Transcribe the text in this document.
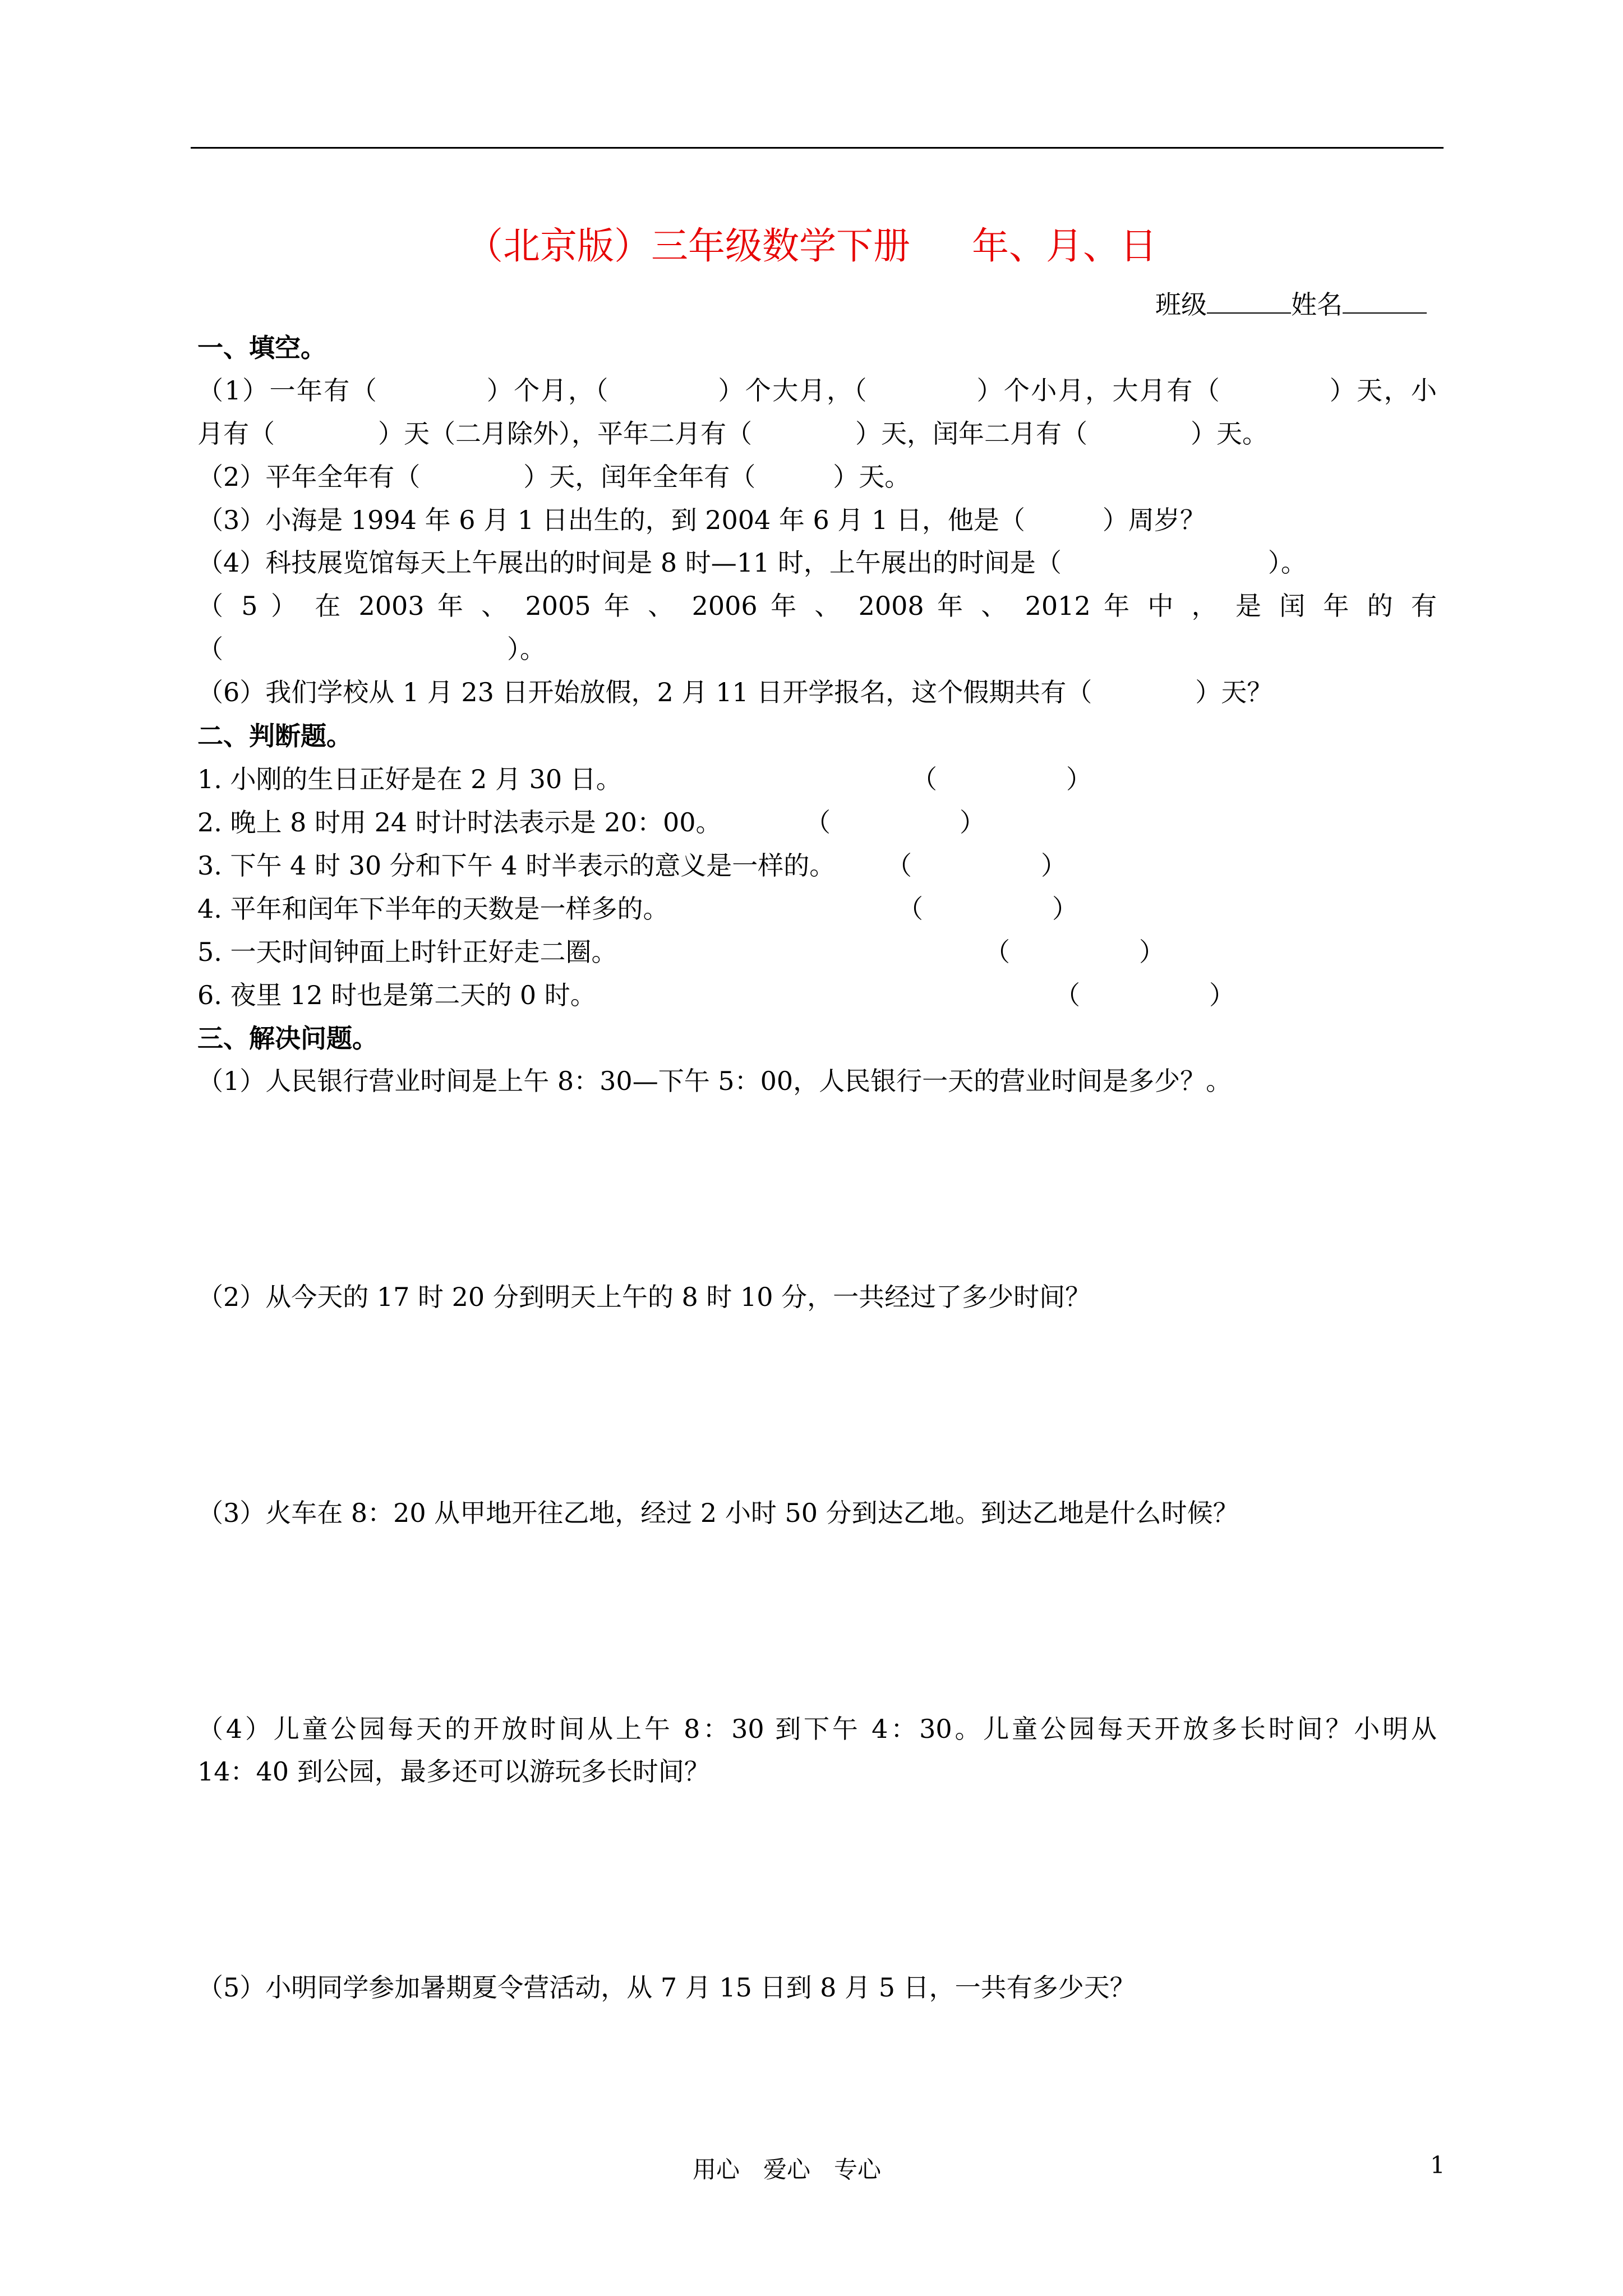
（北京版）三年级数学下册 年、月、日
班级	姓名
一、填空。
（1）一年有（　　　　）个月，（　　　　）个大月，（　　　　）个小月，大月有（　　　　）天，小
月有（　　　　）天（二月除外），平年二月有（　　　　）天，闰年二月有（　　　　）天。
（2）平年全年有（　　　　）天，闰年全年有（　　　）天。
（3）小海是 1994 年 6 月 1 日出生的，到 2004 年 6 月 1 日，他是（　　　）周岁？
（4）科技展览馆每天上午展出的时间是 8 时—11 时，上午展出的时间是（　　　　　　　　）。
（ 5 ） 在 2003 年 、 2005 年 、 2006 年 、 2008 年 、 2012 年 中 ， 是 闰 年 的 有
（　　　　　　　　　　　）。
（6）我们学校从 1 月 23 日开始放假，2 月 11 日开学报名，这个假期共有（　　　　）天？
二、判断题。
1. 小刚的生日正好是在 2 月 30 日。	（　　　　　）
2. 晚上 8 时用 24 时计时法表示是 20：00。	（　　　　　）
3. 下午 4 时 30 分和下午 4 时半表示的意义是一样的。 （　　　　　）
4. 平年和闰年下半年的天数是一样多的。	（　　　　　）
5. 一天时间钟面上时针正好走二圈。	（　　　　　）
6. 夜里 12 时也是第二天的 0 时。	（　　　　　）
三、解决问题。
（1）人民银行营业时间是上午 8：30—下午 5：00，人民银行一天的营业时间是多少？。
（2）从今天的 17 时 20 分到明天上午的 8 时 10 分，一共经过了多少时间？
（3）火车在 8：20 从甲地开往乙地，经过 2 小时 50 分到达乙地。到达乙地是什么时候？
（4）儿童公园每天的开放时间从上午 8：30 到下午 4：30。儿童公园每天开放多长时间？小明从
14：40 到公园，最多还可以游玩多长时间？
（5）小明同学参加暑期夏令营活动，从 7 月 15 日到 8 月 5 日，一共有多少天？
用心　爱心　专心	1
